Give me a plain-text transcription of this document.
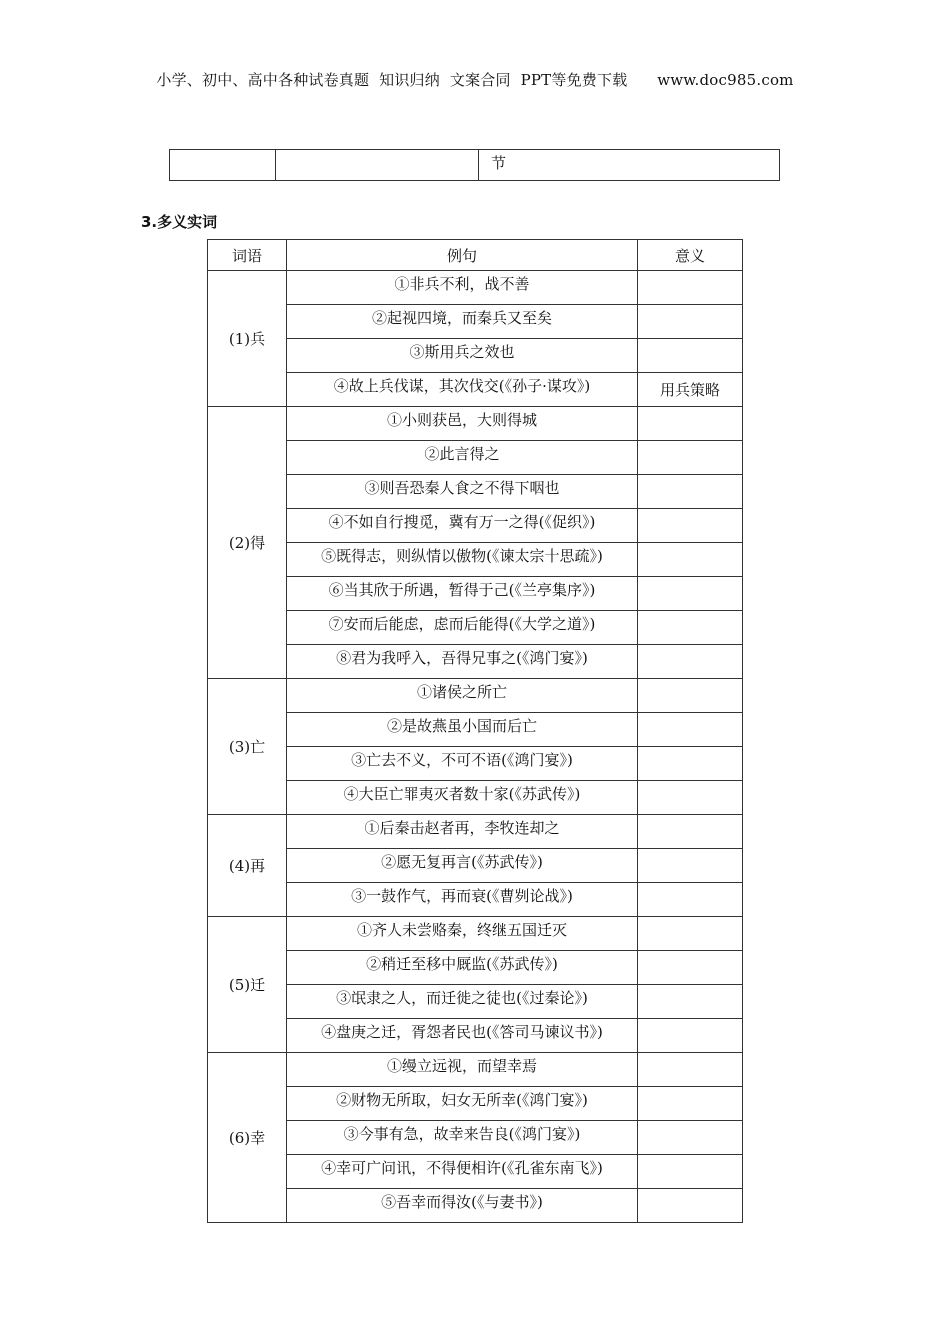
小学、初中、高中各种试卷真题  知识归纳  文案合同  PPT等免费下载      www.doc985.com
		节
3.多义实词
词语	例句	意义
(1)兵	①非兵不利，战不善	
	②起视四境，而秦兵又至矣	
	③斯用兵之效也	
	④故上兵伐谋，其次伐交(《孙子·谋攻》)	用兵策略
(2)得	①小则获邑，大则得城	
	②此言得之	
	③则吾恐秦人食之不得下咽也	
	④不如自行搜觅，冀有万一之得(《促织》)	
	⑤既得志，则纵情以傲物(《谏太宗十思疏》)	
	⑥当其欣于所遇，暂得于己(《兰亭集序》)	
	⑦安而后能虑，虑而后能得(《大学之道》)	
	⑧君为我呼入，吾得兄事之(《鸿门宴》)	
(3)亡	①诸侯之所亡	
	②是故燕虽小国而后亡	
	③亡去不义，不可不语(《鸿门宴》)	
	④大臣亡罪夷灭者数十家(《苏武传》)	
(4)再	①后秦击赵者再，李牧连却之	
	②愿无复再言(《苏武传》)	
	③一鼓作气，再而衰(《曹刿论战》)	
(5)迁	①齐人未尝赂秦，终继五国迁灭	
	②稍迁至移中厩监(《苏武传》)	
	③氓隶之人，而迁徙之徒也(《过秦论》)	
	④盘庚之迁，胥怨者民也(《答司马谏议书》)	
(6)幸	①缦立远视，而望幸焉	
	②财物无所取，妇女无所幸(《鸿门宴》)	
	③今事有急，故幸来告良(《鸿门宴》)	
	④幸可广问讯，不得便相许(《孔雀东南飞》)	
	⑤吾幸而得汝(《与妻书》)	
